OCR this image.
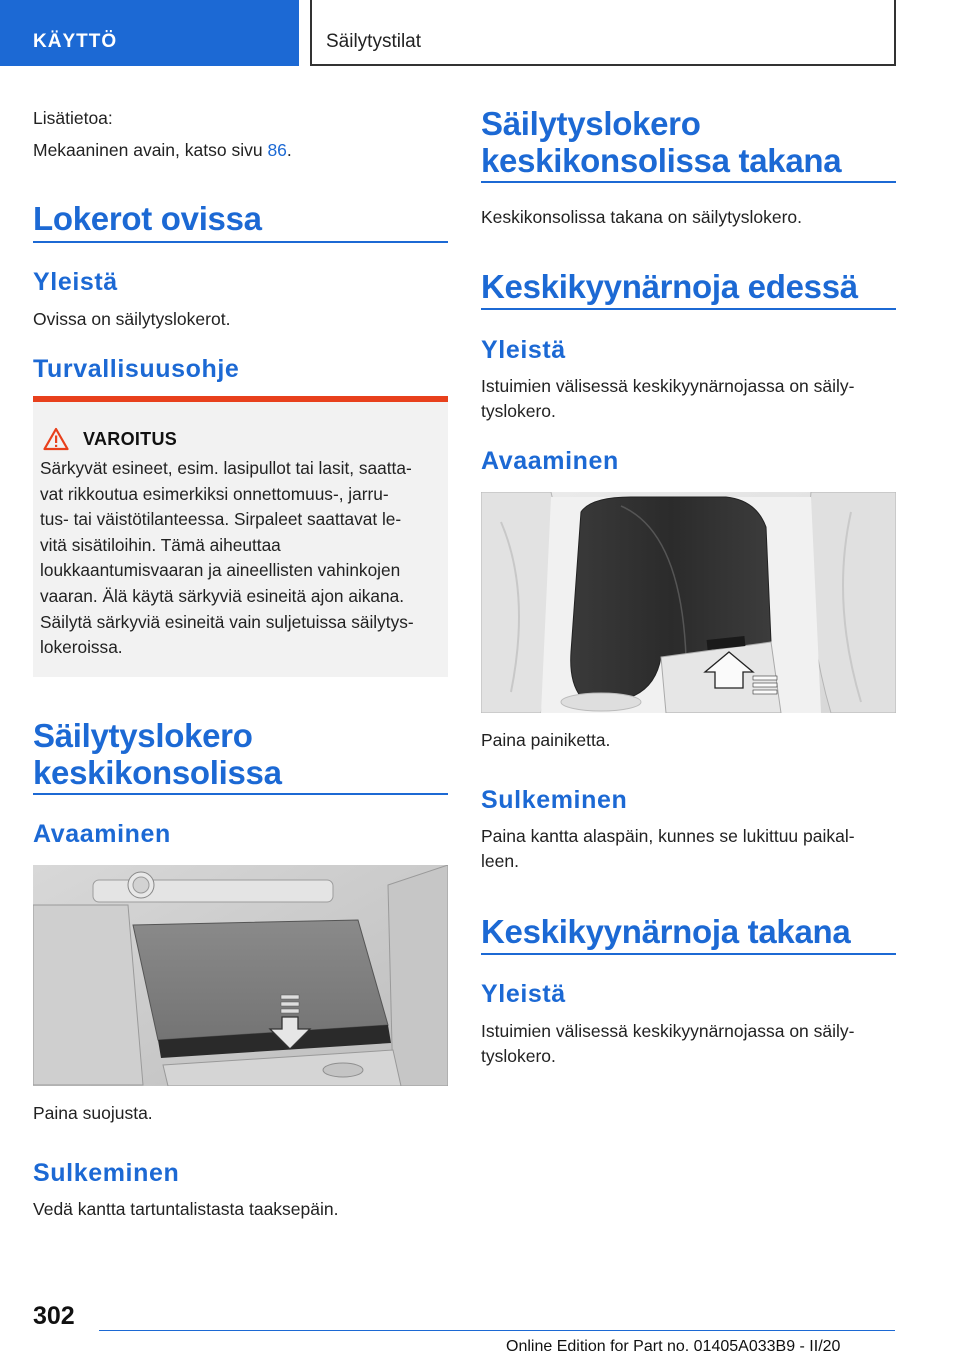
KÄYTTÖ	Säilytystilat
Lisätietoa:
Mekaaninen avain, katso sivu 86.
Lokerot ovissa
Yleistä
Ovissa on säilytyslokerot.
Turvallisuusohje
VAROITUS
Särkyvät esineet, esim. lasipullot tai lasit, saatta-
vat rikkoutua esimerkiksi onnettomuus-, jarru-
tus- tai väistötilanteessa. Sirpaleet saattavat le-
vitä sisätiloihin. Tämä aiheuttaa
loukkaantumisvaaran ja aineellisten vahinkojen
vaaran. Älä käytä särkyviä esineitä ajon aikana.
Säilytä särkyviä esineitä vain suljetuissa säilytys-
lokeroissa.
Säilytyslokero
keskikonsolissa
Avaaminen
Paina suojusta.
Sulkeminen
Vedä kantta tartuntalistasta taaksepäin.
Säilytyslokero
keskikonsolissa takana
Keskikonsolissa takana on säilytyslokero.
Keskikyynärnoja edessä
Yleistä
Istuimien välisessä keskikyynärnojassa on säily-
tyslokero.
Avaaminen
Paina painiketta.
Sulkeminen
Paina kantta alaspäin, kunnes se lukittuu paikal-
leen.
Keskikyynärnoja takana
Yleistä
Istuimien välisessä keskikyynärnojassa on säily-
tyslokero.
302
Online Edition for Part no. 01405A033B9 - II/20
